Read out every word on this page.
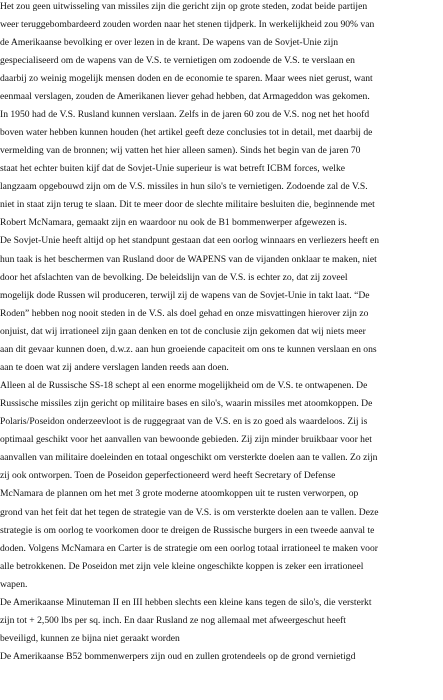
Het zou geen uitwisseling van missiles zijn die gericht zijn op grote steden, zodat beide partijen
weer teruggebombardeerd zouden worden naar het stenen tijdperk. In werkelijkheid zou 90% van
de Amerikaanse bevolking er over lezen in de krant. De wapens van de Sovjet-Unie zijn
gespecialiseerd om de wapens van de V.S. te vernietigen om zodoende de V.S. te verslaan en
daarbij zo weinig mogelijk mensen doden en de economie te sparen. Maar wees niet gerust, want
eenmaal verslagen, zouden de Amerikanen liever gehad hebben, dat Armageddon was gekomen.
In 1950 had de V.S. Rusland kunnen verslaan. Zelfs in de jaren 60 zou de V.S. nog net het hoofd
boven water hebben kunnen houden (het artikel geeft deze conclusies tot in detail, met daarbij de
vermelding van de bronnen; wij vatten het hier alleen samen). Sinds het begin van de jaren 70
staat het echter buiten kijf dat de Sovjet-Unie superieur is wat betreft ICBM forces, welke
langzaam opgebouwd zijn om de V.S. missiles in hun silo's te vernietigen. Zodoende zal de V.S.
niet in staat zijn terug te slaan. Dit te meer door de slechte militaire besluiten die, beginnende met
Robert McNamara, gemaakt zijn en waardoor nu ook de B1 bommenwerper afgewezen is.
De Sovjet-Unie heeft altijd op het standpunt gestaan dat een oorlog winnaars en verliezers heeft en
hun taak is het beschermen van Rusland door de WAPENS van de vijanden onklaar te maken, niet
door het afslachten van de bevolking. De beleidslijn van de V.S. is echter zo, dat zij zoveel
mogelijk dode Russen wil produceren, terwijl zij de wapens van de Sovjet-Unie in takt laat. “De
Roden” hebben nog nooit steden in de V.S. als doel gehad en onze misvattingen hierover zijn zo
onjuist, dat wij irrationeel zijn gaan denken en tot de conclusie zijn gekomen dat wij niets meer
aan dit gevaar kunnen doen, d.w.z. aan hun groeiende capaciteit om ons te kunnen verslaan en ons
aan te doen wat zij andere verslagen landen reeds aan doen.
Alleen al de Russische SS-18 schept al een enorme mogelijkheid om de V.S. te ontwapenen. De
Russische missiles zijn gericht op militaire bases en silo's, waarin missiles met atoomkoppen. De
Polaris/Poseidon onderzeevloot is de ruggegraat van de V.S. en is zo goed als waardeloos. Zij is
optimaal geschikt voor het aanvallen van bewoonde gebieden. Zij zijn minder bruikbaar voor het
aanvallen van militaire doeleinden en totaal ongeschikt om versterkte doelen aan te vallen. Zo zijn
zij ook ontworpen. Toen de Poseidon geperfectioneerd werd heeft Secretary of Defense
McNamara de plannen om het met 3 grote moderne atoomkoppen uit te rusten verworpen, op
grond van het feit dat het tegen de strategie van de V.S. is om versterkte doelen aan te vallen. Deze
strategie is om oorlog te voorkomen door te dreigen de Russische burgers in een tweede aanval te
doden. Volgens McNamara en Carter is de strategie om een oorlog totaal irrationeel te maken voor
alle betrokkenen. De Poseidon met zijn vele kleine ongeschikte koppen is zeker een irrationeel
wapen.
De Amerikaanse Minuteman II en III hebben slechts een kleine kans tegen de silo's, die versterkt
zijn tot + 2,500 lbs per sq. inch. En daar Rusland ze nog allemaal met afweergeschut heeft
beveiligd, kunnen ze bijna niet geraakt worden
De Amerikaanse B52 bommenwerpers zijn oud en zullen grotendeels op de grond vernietigd
